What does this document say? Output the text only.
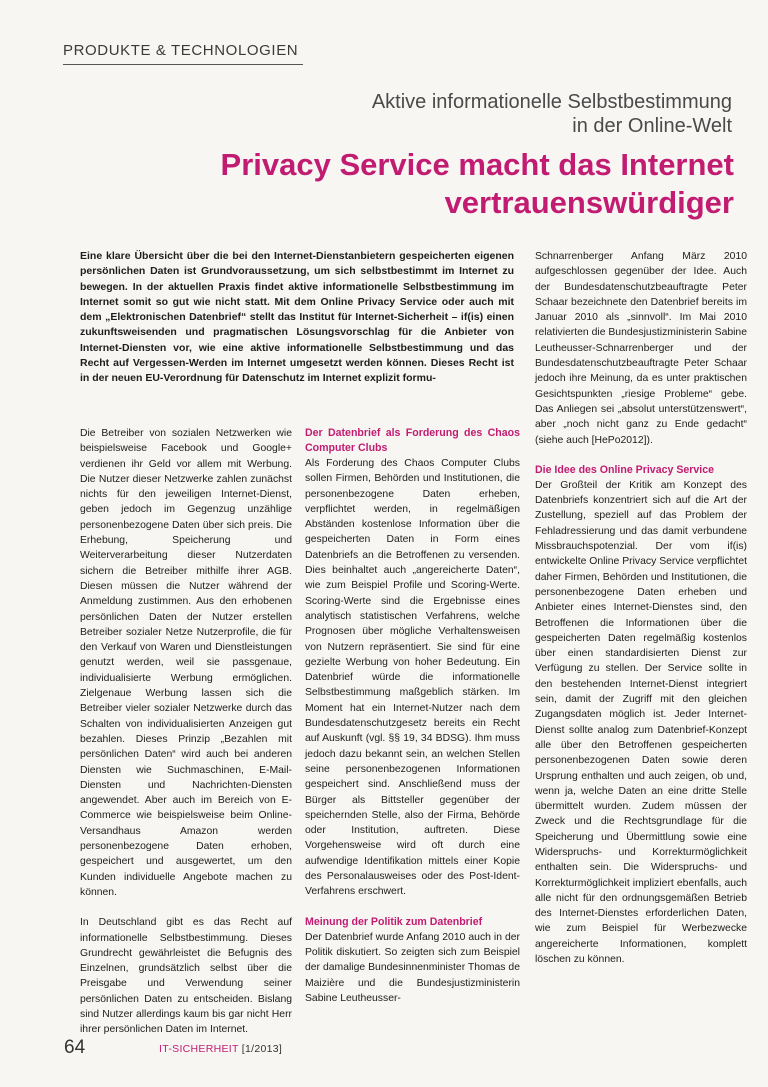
PRODUKTE & TECHNOLOGIEN
Aktive informationelle Selbstbestimmung
in der Online-Welt
Privacy Service macht das Internet
vertrauenswürdiger

Eine klare Übersicht über die bei den Internet-Dienstanbietern gespeicherten eigenen persönlichen Daten ist Grundvoraussetzung, um sich selbstbestimmt im Internet zu bewegen. In der aktuellen Praxis findet aktive informationelle Selbstbestimmung im Internet somit so gut wie nicht statt. Mit dem Online Privacy Service oder auch mit dem „Elektronischen Datenbrief“ stellt das Institut für Internet-Sicherheit – if(is) einen zukunftsweisenden und pragmatischen Lösungsvorschlag für die Anbieter von Internet-Diensten vor, wie eine aktive informationelle Selbstbestimmung und das Recht auf Vergessen-Werden im Internet umgesetzt werden können. Dieses Recht ist in der neuen EU-Verordnung für Datenschutz im Internet explizit formu-

Die Betreiber von sozialen Netzwerken wie beispielsweise Facebook und Google+ verdienen ihr Geld vor allem mit Werbung. Die Nutzer dieser Netzwerke zahlen zunächst nichts für den jeweiligen Internet-Dienst, geben jedoch im Gegenzug unzählige personenbezogene Daten über sich preis. Die Erhebung, Speicherung und Weiterverarbeitung dieser Nutzerdaten sichern die Betreiber mithilfe ihrer AGB. Diesen müssen die Nutzer während der Anmeldung zustimmen. Aus den erhobenen persönlichen Daten der Nutzer erstellen Betreiber sozialer Netze Nutzerprofile, die für den Verkauf von Waren und Dienstleistungen genutzt werden, weil sie passgenaue, individualisierte Werbung ermöglichen. Zielgenaue Werbung lassen sich die Betreiber vieler sozialer Netzwerke durch das Schalten von individualisierten Anzeigen gut bezahlen. Dieses Prinzip „Bezahlen mit persönlichen Daten“ wird auch bei anderen Diensten wie Suchmaschinen, E-Mail-Diensten und Nachrichten-Diensten angewendet. Aber auch im Bereich von E-Commerce wie beispielsweise beim Online-Versandhaus Amazon werden personenbezogene Daten erhoben, gespeichert und ausgewertet, um den Kunden individuelle Angebote machen zu können.

In Deutschland gibt es das Recht auf informationelle Selbstbestimmung. Dieses Grundrecht gewährleistet die Befugnis des Einzelnen, grundsätzlich selbst über die Preisgabe und Verwendung seiner persönlichen Daten zu entscheiden. Bislang sind Nutzer allerdings kaum bis gar nicht Herr ihrer persönlichen Daten im Internet.

Der Datenbrief als Forderung des Chaos Computer Clubs

Als Forderung des Chaos Computer Clubs sollen Firmen, Behörden und Institutionen, die personenbezogene Daten erheben, verpflichtet werden, in regelmäßigen Abständen kostenlose Information über die gespeicherten Daten in Form eines Datenbriefs an die Betroffenen zu versenden. Dies beinhaltet auch „angereicherte Daten“, wie zum Beispiel Profile und Scoring-Werte. Scoring-Werte sind die Ergebnisse eines analytisch statistischen Verfahrens, welche Prognosen über mögliche Verhaltensweisen von Nutzern repräsentiert. Sie sind für eine gezielte Werbung von hoher Bedeutung. Ein Datenbrief würde die informationelle Selbstbestimmung maßgeblich stärken. Im Moment hat ein Internet-Nutzer nach dem Bundesdatenschutzgesetz bereits ein Recht auf Auskunft (vgl. §§ 19, 34 BDSG). Ihm muss jedoch dazu bekannt sein, an welchen Stellen seine personenbezogenen Informationen gespeichert sind. Anschließend muss der Bürger als Bittsteller gegenüber der speichernden Stelle, also der Firma, Behörde oder Institution, auftreten. Diese Vorgehensweise wird oft durch eine aufwendige Identifikation mittels einer Kopie des Personalausweises oder des Post-Ident-Verfahrens erschwert.

Meinung der Politik zum Datenbrief

Der Datenbrief wurde Anfang 2010 auch in der Politik diskutiert. So zeigten sich zum Beispiel der damalige Bundesinnenminister Thomas de Maizière und die Bundesjustizministerin Sabine Leutheusser-

Schnarrenberger Anfang März 2010 aufgeschlossen gegenüber der Idee. Auch der Bundesdatenschutzbeauftragte Peter Schaar bezeichnete den Datenbrief bereits im Januar 2010 als „sinnvoll“. Im Mai 2010 relativierten die Bundesjustizministerin Sabine Leutheusser-Schnarrenberger und der Bundesdatenschutzbeauftragte Peter Schaar jedoch ihre Meinung, da es unter praktischen Gesichtspunkten „riesige Probleme“ gebe. Das Anliegen sei „absolut unterstützenswert“, aber „noch nicht ganz zu Ende gedacht“ (siehe auch [HePo2012]).

Die Idee des Online Privacy Service

Der Großteil der Kritik am Konzept des Datenbriefs konzentriert sich auf die Art der Zustellung, speziell auf das Problem der Fehladressierung und das damit verbundene Missbrauchspotenzial. Der vom if(is) entwickelte Online Privacy Service verpflichtet daher Firmen, Behörden und Institutionen, die personenbezogene Daten erheben und Anbieter eines Internet-Dienstes sind, den Betroffenen die Informationen über die gespeicherten Daten regelmäßig kostenlos über einen standardisierten Dienst zur Verfügung zu stellen. Der Service sollte in den bestehenden Internet-Dienst integriert sein, damit der Zugriff mit den gleichen Zugangsdaten möglich ist. Jeder Internet-Dienst sollte analog zum Datenbrief-Konzept alle über den Betroffenen gespeicherten personenbezogenen Daten sowie deren Ursprung enthalten und auch zeigen, ob und, wenn ja, welche Daten an eine dritte Stelle übermittelt wurden. Zudem müssen der Zweck und die Rechtsgrundlage für die Speicherung und Übermittlung sowie eine Widerspruchs- und Korrekturmöglichkeit enthalten sein. Die Widerspruchs- und Korrekturmöglichkeit impliziert ebenfalls, auch alle nicht für den ordnungsgemäßen Betrieb des Internet-Dienstes erforderlichen Daten, wie zum Beispiel für Werbezwecke angereicherte Informationen, komplett löschen zu können.

64	IT-SICHERHEIT [1/2013]
